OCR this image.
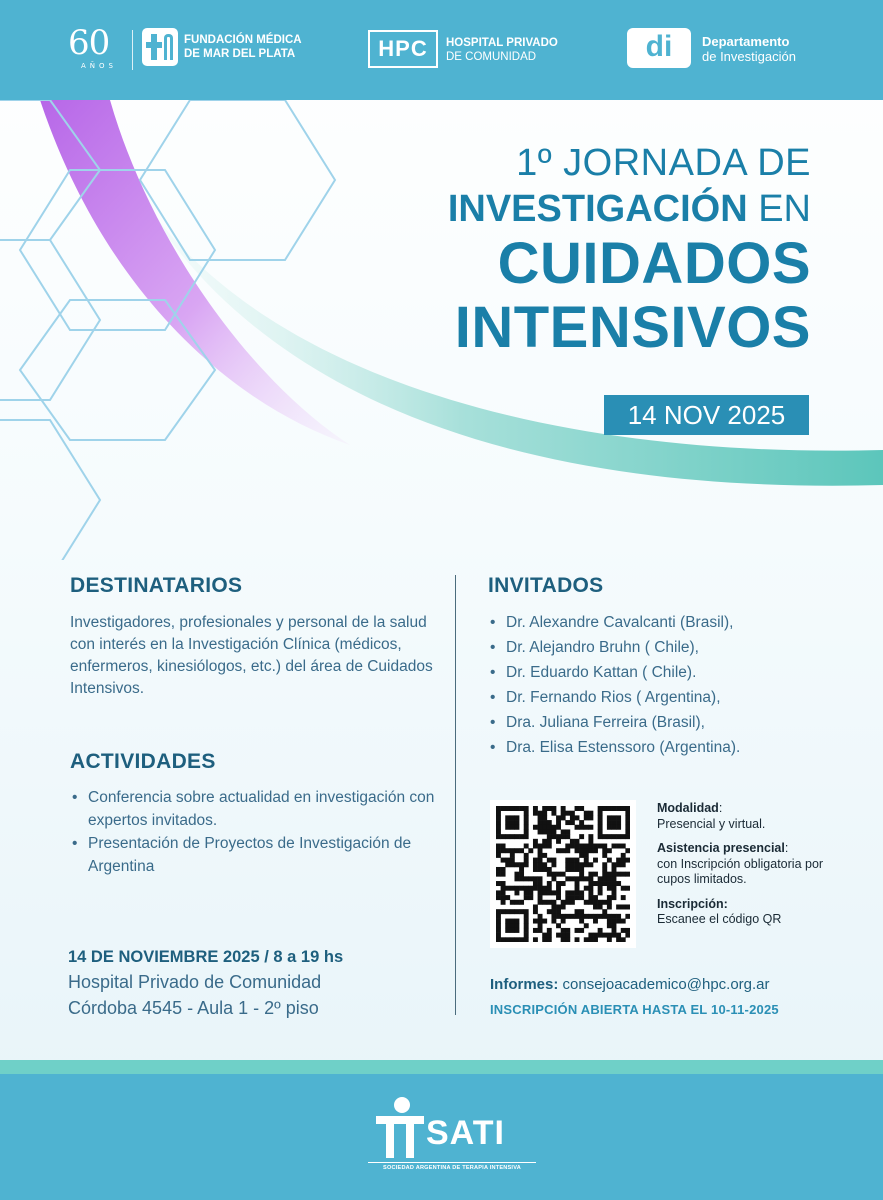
60
AÑOS
FUNDACIÓN MÉDICA
DE MAR DEL PLATA	HPC	HOSPITAL PRIVADO
DE COMUNIDAD	di	Departamento
de Investigación
1º JORNADA DE
INVESTIGACIÓN EN
CUIDADOS
INTENSIVOS
14 NOV 2025
DESTINATARIOS
Investigadores, profesionales y personal de la salud con interés en la Investigación Clínica (médicos, enfermeros, kinesiólogos, etc.) del área de Cuidados Intensivos.
ACTIVIDADES
• Conferencia sobre actualidad en investigación con expertos invitados.
• Presentación de Proyectos de Investigación de Argentina
14 DE NOVIEMBRE 2025 / 8 a 19 hs
Hospital Privado de Comunidad
Córdoba 4545 - Aula 1 - 2º piso
INVITADOS
• Dr. Alexandre Cavalcanti (Brasil),
• Dr. Alejandro Bruhn ( Chile),
• Dr. Eduardo Kattan ( Chile).
• Dr. Fernando Rios ( Argentina),
• Dra. Juliana Ferreira (Brasil),
• Dra. Elisa Estenssoro (Argentina).
Modalidad:
Presencial y virtual.
Asistencia presencial:
con Inscripción obligatoria por cupos limitados.
Inscripción:
Escanee el código QR
Informes: consejoacademico@hpc.org.ar
INSCRIPCIÓN ABIERTA HASTA EL 10-11-2025
SATI
SOCIEDAD ARGENTINA DE TERAPIA INTENSIVA
